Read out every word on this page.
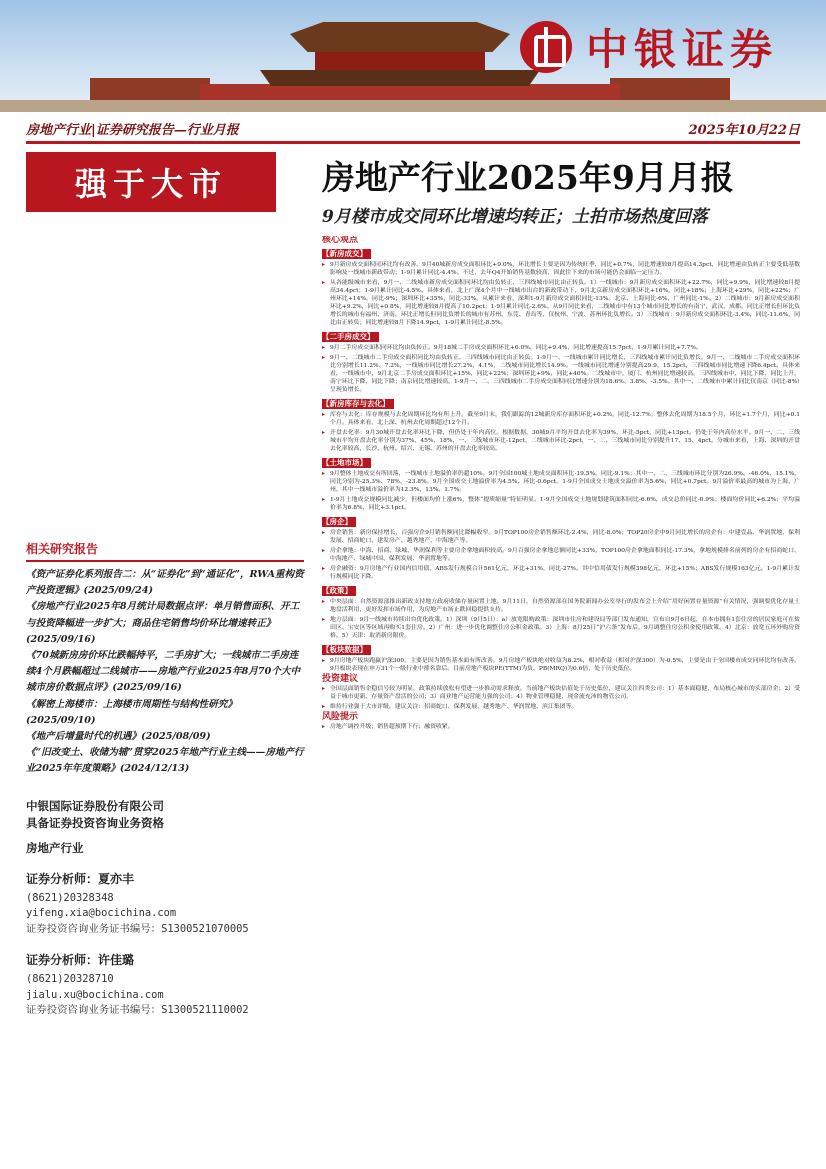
中银证券
房地产行业|证券研究报告—行业月报	2025年10月22日
强于大市	房地产行业2025年9月月报
9月楼市成交同环比增速均转正；土拍市场热度回落
核心观点
【新房成交】
▸ 9月新房成交面积同环比均有改善。9月40城新房成交面积环比+9.0%，环比增长主要是因为传统旺季，同比+0.7%，同比增速较8月提高14.3pct，同比增速由负转正主要受低基数影响及一线城市新政带动；1-9月累计同比-4.4%。不过，去年Q4开始销售基数较高，因此往下来的市场可能仍会面临一定压力。
▸ 从各能级城市来看，9月一、二线城市新房成交面积同环比均由负转正，三四线城市同比由正转负。1）一线城市：9月新房成交面积环比+22.7%，同比+9.9%，同比增速较8月提高34.4pct；1-9月累计同比-4.5%。具体来看，北上广深4个月中一线城市出台的新政带动下，9月北京新房成交面积环比+16%，同比+18%；上海环比+29%，同比+22%；广州环比+14%，同比-9%；深圳环比+35%，同比-33%。从累计来看，深圳1-9月新房成交面积同比-13%。北京、上海同比-6%，广州同比-1%。2）二线城市：9月新房成交面积环比+9.2%，同比+0.8%，同比增速较8月提高了10.2pct；1-9月累计同比-2.6%。从9月同比来看，二线城市中有13个城市同比增长的有南宁、武汉、成都。同比正增长但环比负增长的城市有福州、济南，环比正增长但同比负增长的城市有苏州、东莞、青岛等，仅杭州、宁波、苏州环比负增长。3）三线城市：9月新房成交面积环比-3.4%，同比-11.6%，同比由正转负；同比增速较8月下降14.9pct，1-9月累计同比-8.5%。
【二手房成交】
▸ 9月二手房成交面积同环比均由负转正。9月18城二手房成交面积环比+6.0%，同比+9.4%，同比增速提高15.7pct，1-9月累计同比+7.7%。
▸ 9月一、二线城市二手房成交面积同比均由负转正，三四线城市同比由正转负。1-9月一、一线城市累计同比增长，三四线城市累计同比负增长。9月一、二线城市二手房成交面积环比分别增长11.2%、7.2%，一线城市同比增长27.2%、4.1%，二线城市同比增长14.9%。一线城市同比增速分别提高29.9、15.2pct，三四线城市同比增速下降6.4pct。具体来看，一线城市中，9月北京二手房成交面积环比+15%，同比+22%；深圳环比+9%，同比+46%。二线城市中，厦门、杭州同比增速较高。三四线城市中，同比下降，同比上升，南宁环比下降，同比下降；南京同比增速较高。1-9月一、二、三四线城市二手房成交面积同比增速分别为18.6%、3.8%、-3.5%。其中一、二线城市中累计同比仅南京（同比-8%）呈现负增长。
【新房库存与去化】
▸ 库存与去化：库存规模与去化周期环比均有所上升。截至9月末，我们跟踪的12城新房库存面积环比+0.2%，同比-12.7%；整体去化周期为18.5个月，环比+1.7个月，同比+0.1个月。具体来看，北上深、杭州去化周期超过12个月。
▸ 开盘去化率：9月30城开盘去化率环比下降，但仍处于年内高位。根据数据，30城9月平均开盘去化率为39%，环比-5pct，同比+13pct。仍处于年内高位水平。9月一、二、三线城市平均开盘去化率分别为37%、45%、18%，一、三线城市环比-12pct，二线城市环比-2pct，一、二、三线城市同比分别提升17、15、4pct。分城市来看，上海、深圳的开盘去化率较高，长沙、杭州、绍兴、无锡、苏州的开盘去化率较高。
【土地市场】
▸ 9月整体土地成交有所回落，一线城市土地溢价率仍超10%。9月全国100城土地成交面积环比-19.5%，同比-9.1%；其中一、二、三线城市环比分别为26.9%、-46.0%、15.1%，同比分别为-25.3%、78%、-23.8%。9月全国成交土地溢价率为4.5%，环比-0.6pct。1-9月全国成交土地成交溢价率为5.6%，同比+0.7pct。9月溢价率最高的城市为上海、广州，其中一线城市溢价率为12.3%、13%、1.7%。
▸ 1-9月土地成交规模同比减少，但楼面均价上涨6%，整体“提质缩量”特征明显。1-9月全国成交土地规划建筑面积同比-6.6%，成交总价同比-0.9%；楼面均价同比+6.2%；平均溢价率为6.8%，同比+3.1pct。
【房企】
▸ 房企销售：新房保持增长，百强房企9月销售额同比降幅收窄。9月TOP100房企销售额环比-2.4%，同比-8.0%；TOP20房企中9月同比增长的房企有：中建壹品、华润置地、保利发展、招商蛇口、建发房产、越秀地产、中海地产等。
▸ 房企拿地：中海、招商、绿城、华润保利等主要房企拿地面积较高。9月百强房企拿地总额同比+33%，TOP100房企拿地面积同比-17.3%，拿地规模排名前列的房企有招商蛇口、中海地产、绿城中国、保利发展、华润置地等。
▸ 房企融资：9月房地产行业国内信用债、ABS发行规模合计561亿元，环比+31%，同比-27%。其中信用债发行规模398亿元，环比+15%；ABS发行规模163亿元。1-9月累计发行规模同比下降。
【政策】
▸ 中央层面：自然资源部推出新政支持地方政府收储存量闲置土地。9月11日，自然资源部在国务院新闻办公室举行的发布会上介绍“用好闲置存量资源”有关情况，强调要优化存量土地盘活利用，更好发挥市场作用，为房地产市场止跌回稳提供支持。
▸ 地方层面：9月一线城市持续出台优化政策。1）深圳（9月5日）：a）放宽限购政策：深圳市住房和建设局等部门发布通知，宣布自9月6日起，在本市拥有1套住房的居民家庭可在盐田区、宝安区等区域再购买1套住房。2）广州：进一步优化调整住房公积金政策。3）上海：8月25日“沪六条”发布后，9月调整住房公积金使用政策。4）北京：放宽五环外购房资格。5）天津：取消新房限价。
【板块数据】
▸ 9月房地产板块跑赢沪深300，主要是因为销售基本面有所改善。9月房地产板块绝对收益为8.2%，相对收益（相对沪深300）为-0.5%，主要是由于全国楼市成交同环比均有改善。9月板块表现在申万31个一级行业中排名靠后。目前房地产板块PE(TTM)为负，PB(MRQ)为0.6倍，处于历史低位。
投资建议
▸ 全国层面销售企稳信号较为明显，政策持续放松有望进一步推动需求释放。当前地产板块估值处于历史低位，建议关注四类公司：1）基本面稳健、布局核心城市的头部房企；2）受益于城市更新、存量资产盘活的公司；3）商业地产运营能力强的公司；4）物业管理稳健、现金流充沛的物管公司。
▸ 维持行业强于大市评级。建议关注：招商蛇口、保利发展、越秀地产、华润置地、滨江集团等。
风险提示
▸ 房地产调控升级；销售超预期下行；融资收紧。
相关研究报告
《资产证券化系列报告二：从“证券化”到“通证化”，RWA重构资产投资逻辑》(2025/09/24)
《房地产行业2025年8月统计局数据点评：单月销售面积、开工与投资降幅进一步扩大；商品住宅销售均价环比增速转正》(2025/09/16)
《70城新房房价环比跌幅持平，二手房扩大；一线城市二手房连续4个月跌幅超过二线城市——房地产行业2025年8月70个大中城市房价数据点评》(2025/09/16)
《解密上海楼市：上海楼市周期性与结构性研究》(2025/09/10)
《地产后增量时代的机遇》(2025/08/09)
《“旧改变土、收储为辅”贯穿2025年地产行业主线——房地产行业2025年年度策略》(2024/12/13)
中银国际证券股份有限公司
具备证券投资咨询业务资格
房地产行业
证券分析师：夏亦丰
(8621)20328348
yifeng.xia@bocichina.com
证券投资咨询业务证书编号：S1300521070005
证券分析师：许佳璐
(8621)20328710
jialu.xu@bocichina.com
证券投资咨询业务证书编号：S1300521110002
